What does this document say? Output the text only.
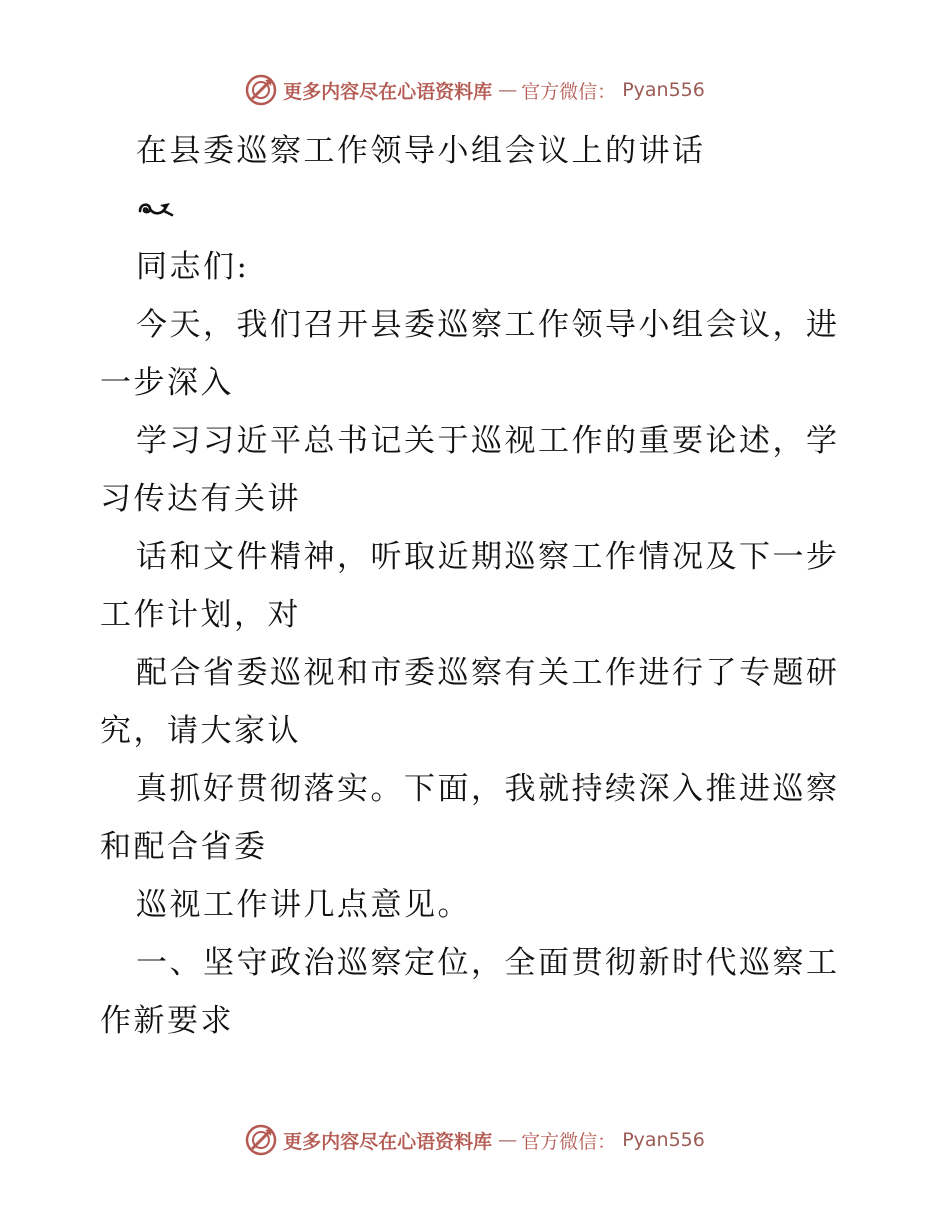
更多内容尽在心语资料库 — 官方微信： Pyan556
在县委巡察工作领导小组会议上的讲话
同志们:
今天，我们召开县委巡察工作领导小组会议，进
一步深入
学习习近平总书记关于巡视工作的重要论述，学
习传达有关讲
话和文件精神，听取近期巡察工作情况及下一步
工作计划，对
配合省委巡视和市委巡察有关工作进行了专题研
究，请大家认
真抓好贯彻落实。下面，我就持续深入推进巡察
和配合省委
巡视工作讲几点意见。
一、坚守政治巡察定位，全面贯彻新时代巡察工
作新要求
更多内容尽在心语资料库 — 官方微信： Pyan556
